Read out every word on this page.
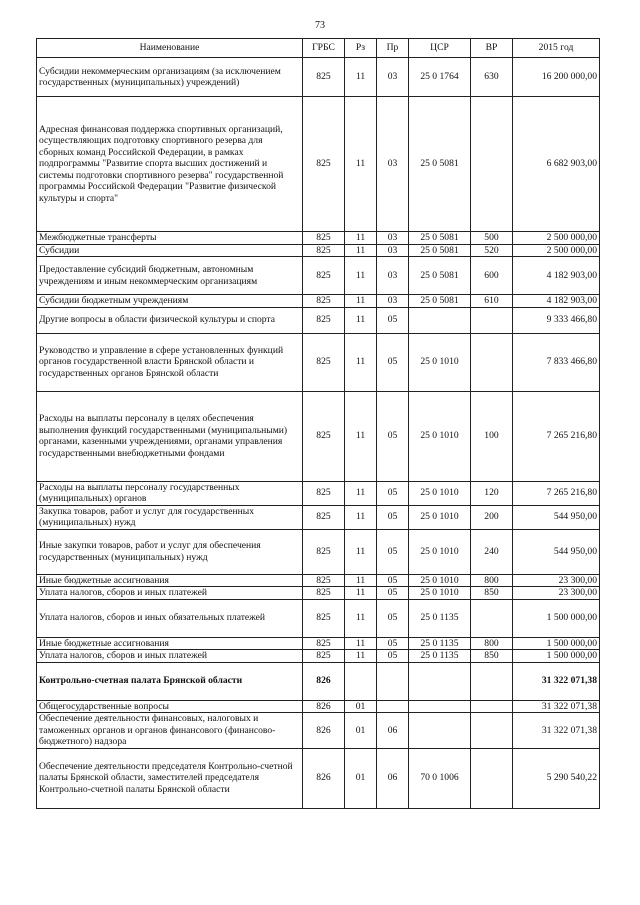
73
Наименование	ГРБС	Рз	Пр	ЦСР	ВР	2015 год
Субсидии некоммерческим организациям (за исключением государственных (муниципальных) учреждений)	825	11	03	25 0 1764	630	16 200 000,00
Адресная финансовая поддержка спортивных организаций, осуществляющих подготовку спортивного резерва для сборных команд Российской Федерации, в рамках подпрограммы "Развитие спорта высших достижений и системы подготовки спортивного резерва" государственной программы Российской Федерации "Развитие физической культуры и спорта"	825	11	03	25 0 5081		6 682 903,00
Межбюджетные трансферты	825	11	03	25 0 5081	500	2 500 000,00
Субсидии	825	11	03	25 0 5081	520	2 500 000,00
Предоставление субсидий бюджетным, автономным учреждениям и иным некоммерческим организациям	825	11	03	25 0 5081	600	4 182 903,00
Субсидии бюджетным учреждениям	825	11	03	25 0 5081	610	4 182 903,00
Другие вопросы в области физической культуры и спорта	825	11	05			9 333 466,80
Руководство и управление в сфере установленных функций органов государственной власти Брянской области и государственных органов Брянской области	825	11	05	25 0 1010		7 833 466,80
Расходы на выплаты персоналу в целях обеспечения выполнения функций государственными (муниципальными) органами, казенными учреждениями, органами управления государственными внебюджетными фондами	825	11	05	25 0 1010	100	7 265 216,80
Расходы на выплаты персоналу государственных (муниципальных) органов	825	11	05	25 0 1010	120	7 265 216,80
Закупка товаров, работ и услуг для государственных (муниципальных) нужд	825	11	05	25 0 1010	200	544 950,00
Иные закупки товаров, работ и услуг для обеспечения государственных (муниципальных) нужд	825	11	05	25 0 1010	240	544 950,00
Иные бюджетные ассигнования	825	11	05	25 0 1010	800	23 300,00
Уплата налогов, сборов и иных платежей	825	11	05	25 0 1010	850	23 300,00
Уплата налогов, сборов и иных обязательных платежей	825	11	05	25 0 1135		1 500 000,00
Иные бюджетные ассигнования	825	11	05	25 0 1135	800	1 500 000,00
Уплата налогов, сборов и иных платежей	825	11	05	25 0 1135	850	1 500 000,00
Контрольно-счетная палата Брянской области	826					31 322 071,38
Общегосударственные вопросы	826	01				31 322 071,38
Обеспечение деятельности финансовых, налоговых и таможенных органов и органов финансового (финансово-бюджетного) надзора	826	01	06			31 322 071,38
Обеспечение деятельности председателя Контрольно-счетной палаты Брянской области, заместителей председателя Контрольно-счетной палаты Брянской области	826	01	06	70 0 1006		5 290 540,22
